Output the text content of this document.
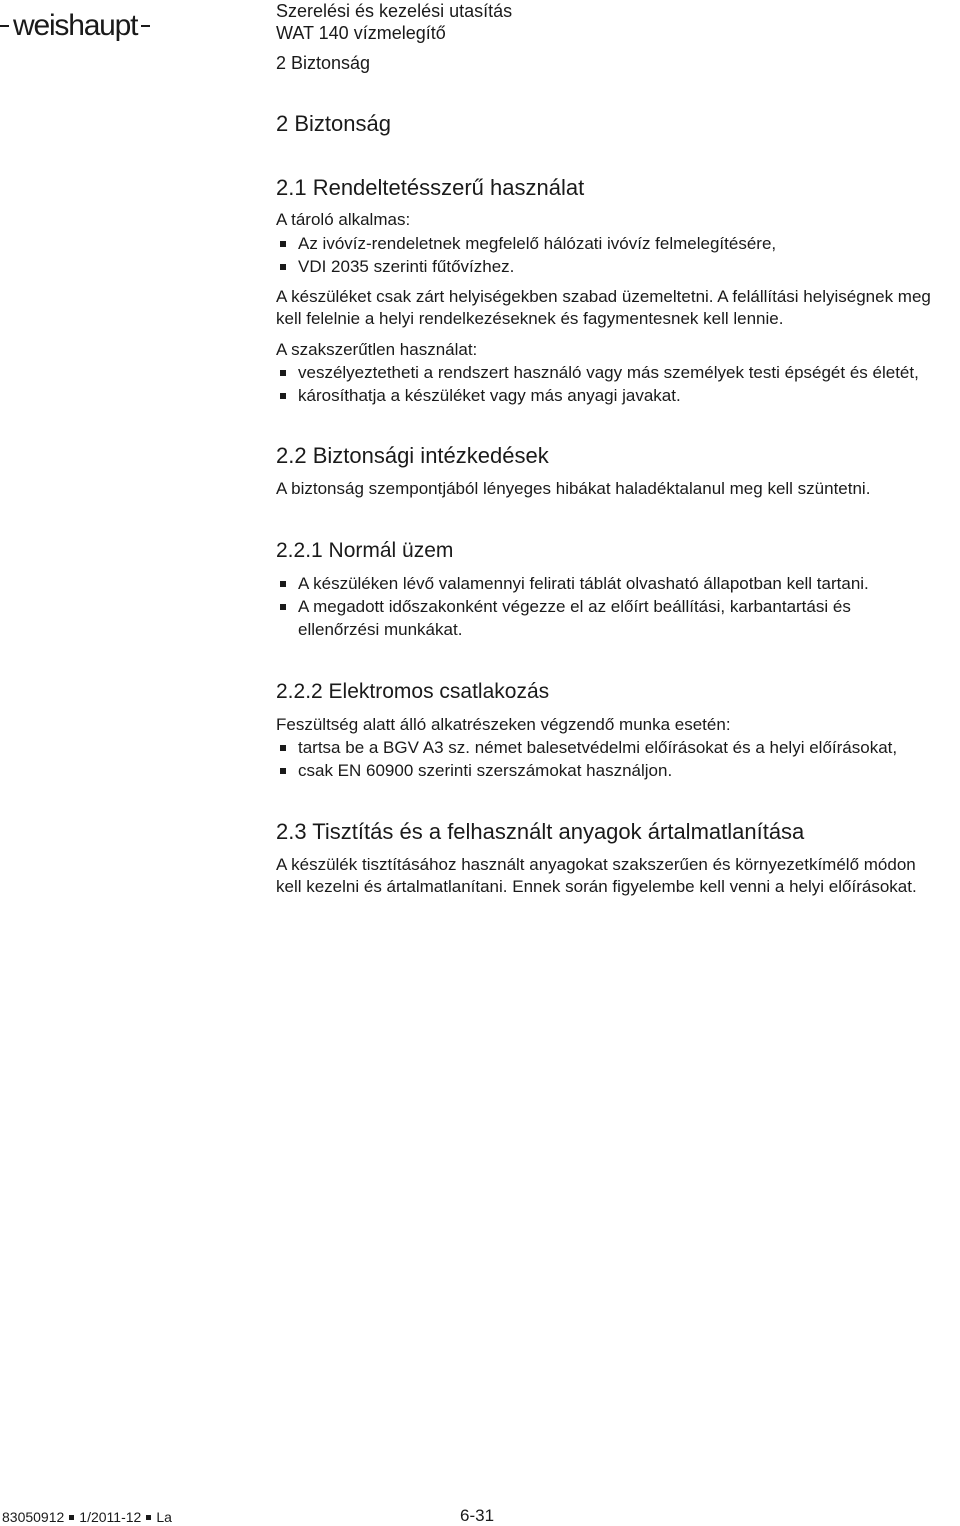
weishaupt	Szerelési és kezelési utasítás
WAT 140 vízmelegítő
2 Biztonság
2 Biztonság
2.1 Rendeltetésszerű használat
A tároló alkalmas:
Az ivóvíz-rendeletnek megfelelő hálózati ivóvíz felmelegítésére,
VDI 2035 szerinti fűtővízhez.
A készüléket csak zárt helyiségekben szabad üzemeltetni. A felállítási helyiségnek meg
kell felelnie a helyi rendelkezéseknek és fagymentesnek kell lennie.
A szakszerűtlen használat:
veszélyeztetheti a rendszert használó vagy más személyek testi épségét és életét,
károsíthatja a készüléket vagy más anyagi javakat.
2.2 Biztonsági intézkedések
A biztonság szempontjából lényeges hibákat haladéktalanul meg kell szüntetni.
2.2.1 Normál üzem
A készüléken lévő valamennyi felirati táblát olvasható állapotban kell tartani.
A megadott időszakonként végezze el az előírt beállítási, karbantartási és
ellenőrzési munkákat.
2.2.2 Elektromos csatlakozás
Feszültség alatt álló alkatrészeken végzendő munka esetén:
tartsa be a BGV A3 sz. német balesetvédelmi előírásokat és a helyi előírásokat,
csak EN 60900 szerinti szerszámokat használjon.
2.3 Tisztítás és a felhasznált anyagok ártalmatlanítása
A készülék tisztításához használt anyagokat szakszerűen és környezetkímélő módon
kell kezelni és ártalmatlanítani. Ennek során figyelembe kell venni a helyi előírásokat.
83050912 1/2011-12 La	6-31
